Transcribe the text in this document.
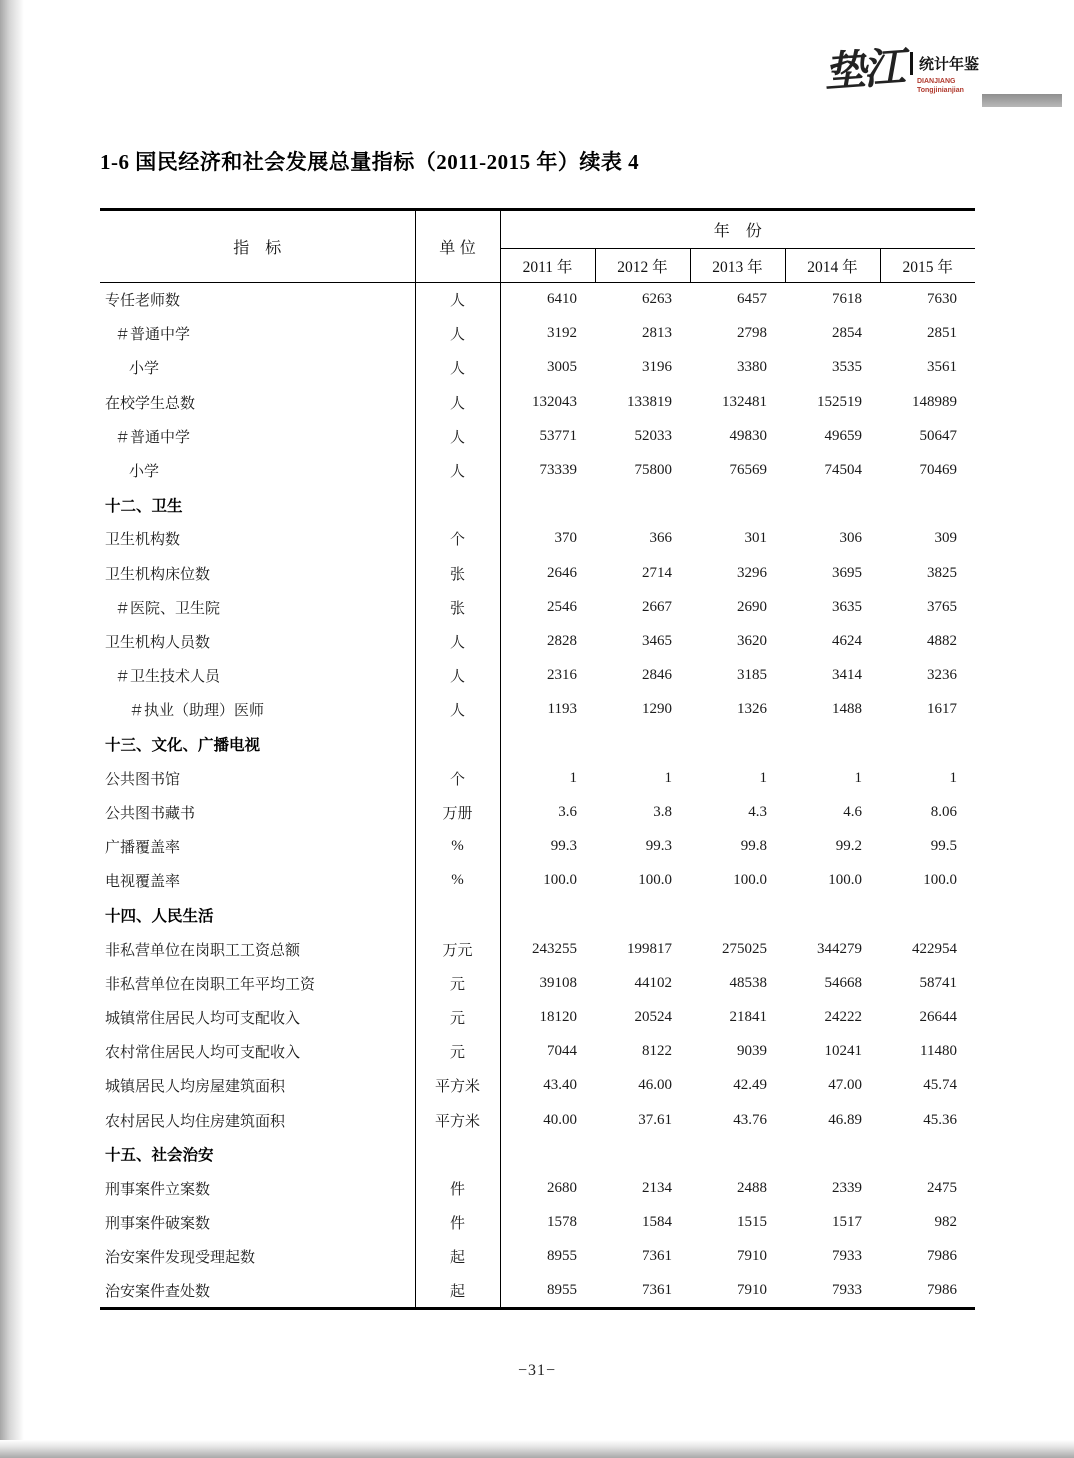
垫江	统计年鉴
DIANJIANG
Tongjinianjian
1-6 国民经济和社会发展总量指标（2011-2015 年）续表 4
指　标	单 位	年　份				
		2011 年	2012 年	2013 年	2014 年	2015 年
专任老师数	人	6410	6263	6457	7618	7630
＃普通中学	人	3192	2813	2798	2854	2851
小学	人	3005	3196	3380	3535	3561
在校学生总数	人	132043	133819	132481	152519	148989
＃普通中学	人	53771	52033	49830	49659	50647
小学	人	73339	75800	76569	74504	70469
十二、卫生						
卫生机构数	个	370	366	301	306	309
卫生机构床位数	张	2646	2714	3296	3695	3825
＃医院、卫生院	张	2546	2667	2690	3635	3765
卫生机构人员数	人	2828	3465	3620	4624	4882
＃卫生技术人员	人	2316	2846	3185	3414	3236
＃执业（助理）医师	人	1193	1290	1326	1488	1617
十三、文化、广播电视						
公共图书馆	个	1	1	1	1	1
公共图书藏书	万册	3.6	3.8	4.3	4.6	8.06
广播覆盖率	%	99.3	99.3	99.8	99.2	99.5
电视覆盖率	%	100.0	100.0	100.0	100.0	100.0
十四、人民生活						
非私营单位在岗职工工资总额	万元	243255	199817	275025	344279	422954
非私营单位在岗职工年平均工资	元	39108	44102	48538	54668	58741
城镇常住居民人均可支配收入	元	18120	20524	21841	24222	26644
农村常住居民人均可支配收入	元	7044	8122	9039	10241	11480
城镇居民人均房屋建筑面积	平方米	43.40	46.00	42.49	47.00	45.74
农村居民人均住房建筑面积	平方米	40.00	37.61	43.76	46.89	45.36
十五、社会治安						
刑事案件立案数	件	2680	2134	2488	2339	2475
刑事案件破案数	件	1578	1584	1515	1517	982
治安案件发现受理起数	起	8955	7361	7910	7933	7986
治安案件查处数	起	8955	7361	7910	7933	7986
−31−
